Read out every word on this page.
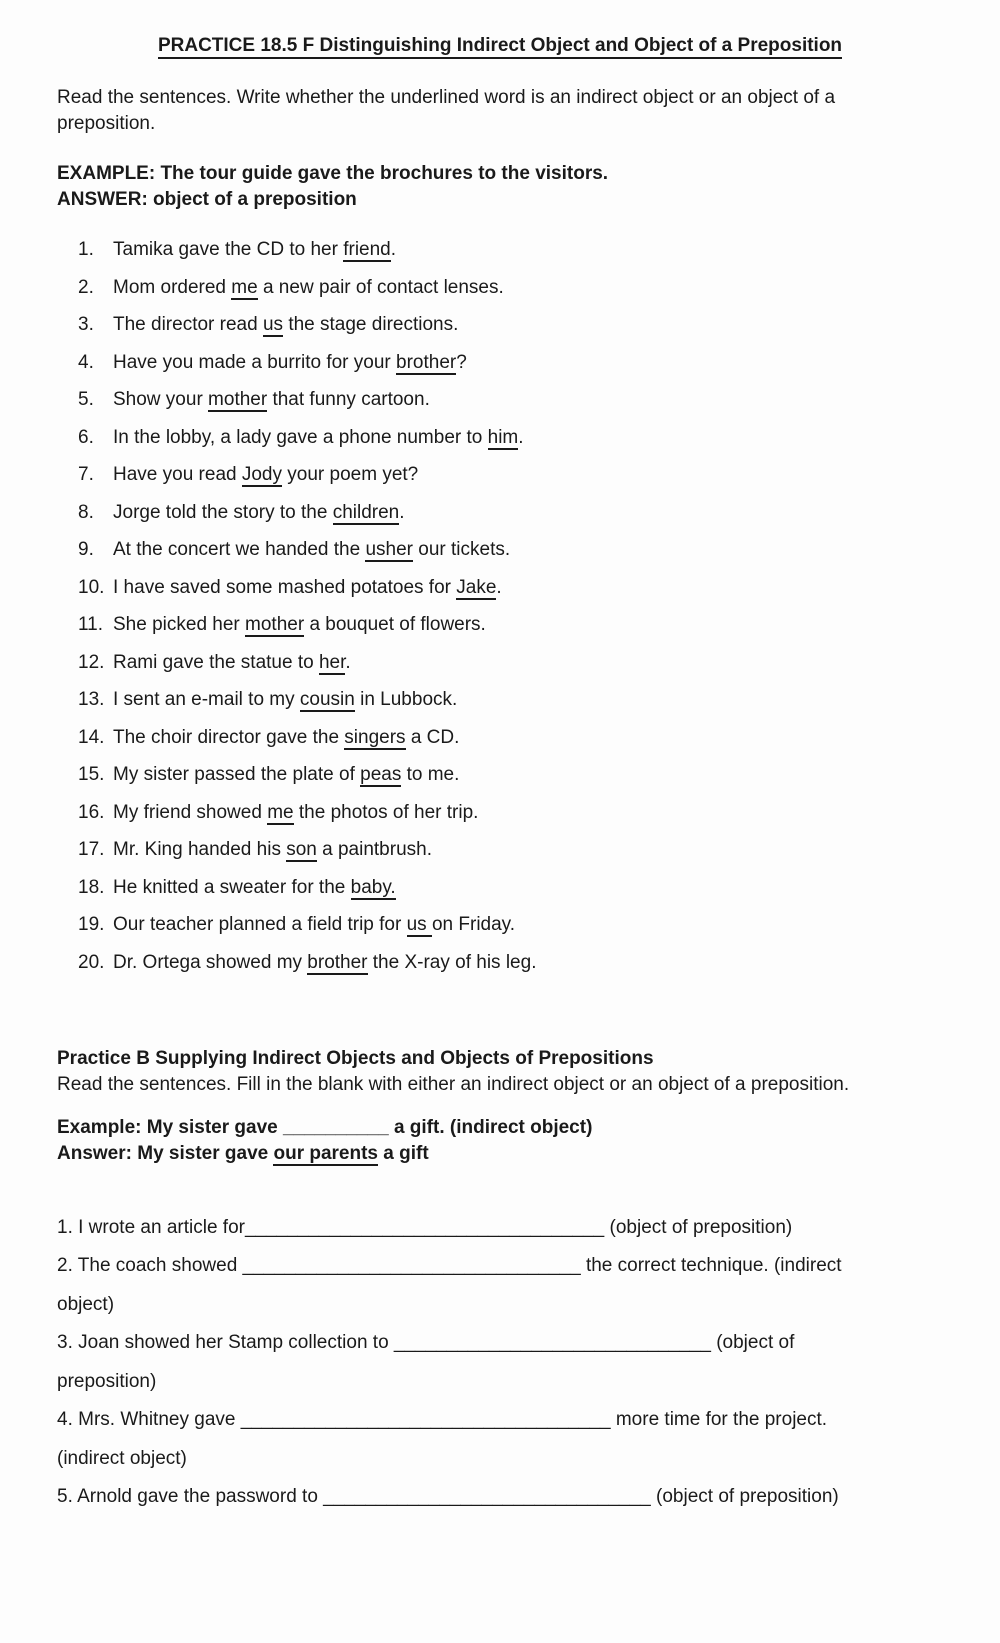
PRACTICE 18.5 F Distinguishing Indirect Object and Object of a Preposition
Read the sentences. Write whether the underlined word is an indirect object or an object of a preposition.
EXAMPLE: The tour guide gave the brochures to the visitors.
ANSWER: object of a preposition
1.	Tamika gave the CD to her friend.
2.	Mom ordered me a new pair of contact lenses.
3.	The director read us the stage directions.
4.	Have you made a burrito for your brother?
5.	Show your mother that funny cartoon.
6.	In the lobby, a lady gave a phone number to him.
7.	Have you read Jody your poem yet?
8.	Jorge told the story to the children.
9.	At the concert we handed the usher our tickets.
10. I have saved some mashed potatoes for Jake.
11. She picked her mother a bouquet of flowers.
12. Rami gave the statue to her.
13. I sent an e-mail to my cousin in Lubbock.
14. The choir director gave the singers a CD.
15. My sister passed the plate of peas to me.
16. My friend showed me the photos of her trip.
17. Mr. King handed his son a paintbrush.
18. He knitted a sweater for the baby.
19. Our teacher planned a field trip for us on Friday.
20. Dr. Ortega showed my brother the X-ray of his leg.
Practice B Supplying Indirect Objects and Objects of Prepositions
Read the sentences. Fill in the blank with either an indirect object or an object of a preposition.
Example: My sister gave __________ a gift. (indirect object)
Answer: My sister gave our parents a gift
1. I wrote an article for__________________________________ (object of preposition)
2. The coach showed ________________________________ the correct technique. (indirect
object)
3. Joan showed her Stamp collection to ______________________________ (object of
preposition)
4. Mrs. Whitney gave ___________________________________ more time for the project.
(indirect object)
5. Arnold gave the password to _______________________________ (object of preposition)
